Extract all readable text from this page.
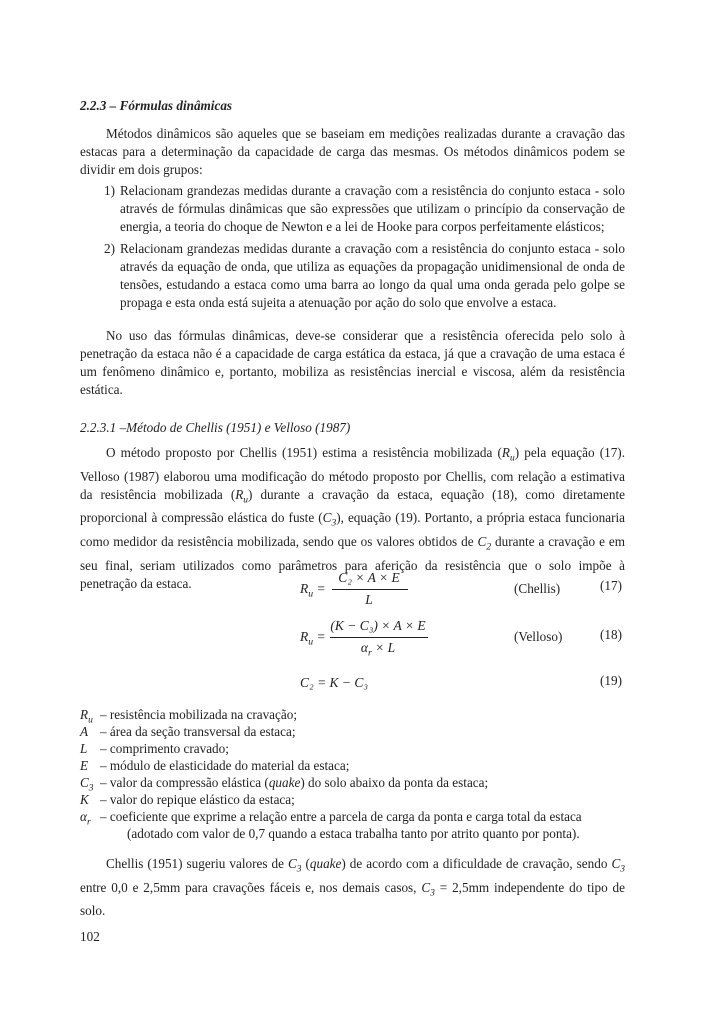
2.2.3 – Fórmulas dinâmicas

Métodos dinâmicos são aqueles que se baseiam em medições realizadas durante a cravação das estacas para a determinação da capacidade de carga das mesmas. Os métodos dinâmicos podem se dividir em dois grupos:

1) Relacionam grandezas medidas durante a cravação com a resistência do conjunto estaca - solo através de fórmulas dinâmicas que são expressões que utilizam o princípio da conservação de energia, a teoria do choque de Newton e a lei de Hooke para corpos perfeitamente elásticos;
2) Relacionam grandezas medidas durante a cravação com a resistência do conjunto estaca - solo através da equação de onda, que utiliza as equações da propagação unidimensional de onda de tensões, estudando a estaca como uma barra ao longo da qual uma onda gerada pelo golpe se propaga e esta onda está sujeita a atenuação por ação do solo que envolve a estaca.

No uso das fórmulas dinâmicas, deve-se considerar que a resistência oferecida pelo solo à penetração da estaca não é a capacidade de carga estática da estaca, já que a cravação de uma estaca é um fenômeno dinâmico e, portanto, mobiliza as resistências inercial e viscosa, além da resistência estática.

2.2.3.1 –Método de Chellis (1951) e Velloso (1987)

O método proposto por Chellis (1951) estima a resistência mobilizada $(R_u)$ pela equação (17). Velloso (1987) elaborou uma modificação do método proposto por Chellis, com relação a estimativa da resistência mobilizada $(R_u)$ durante a cravação da estaca, equação (18), como diretamente proporcional à compressão elástica do fuste $(C_3)$, equação (19). Portanto, a própria estaca funcionaria como medidor da resistência mobilizada, sendo que os valores obtidos de $C_2$ durante a cravação e em seu final, seriam utilizados como parâmetros para aferição da resistência que o solo impõe à penetração da estaca.	$R_u$ =
C₂ × A × E
L
(Chellis)	(17)
$R_u$ =
(K − C₃) × A × E
$\alpha_r \times L$
(Velloso)	(18)
C₂ = K − C₃	(19)
$R_u$ – resistência mobilizada na cravação;
A – área da seção transversal da estaca;
L – comprimento cravado;
E – módulo de elasticidade do material da estaca;
$C_3$ – valor da compressão elástica (quake) do solo abaixo da ponta da estaca;
K – valor do repique elástico da estaca;
$\alpha_r$ – coeficiente que exprime a relação entre a parcela de carga da ponta e carga total da estaca
(adotado com valor de 0,7 quando a estaca trabalha tanto por atrito quanto por ponta).

Chellis (1951) sugeriu valores de $C_3$ (quake) de acordo com a dificuldade de cravação, sendo $C_3$ entre 0,0 e 2,5mm para cravações fáceis e, nos demais casos, $C_3 = 2,5mm$ independente do tipo de solo.

102
